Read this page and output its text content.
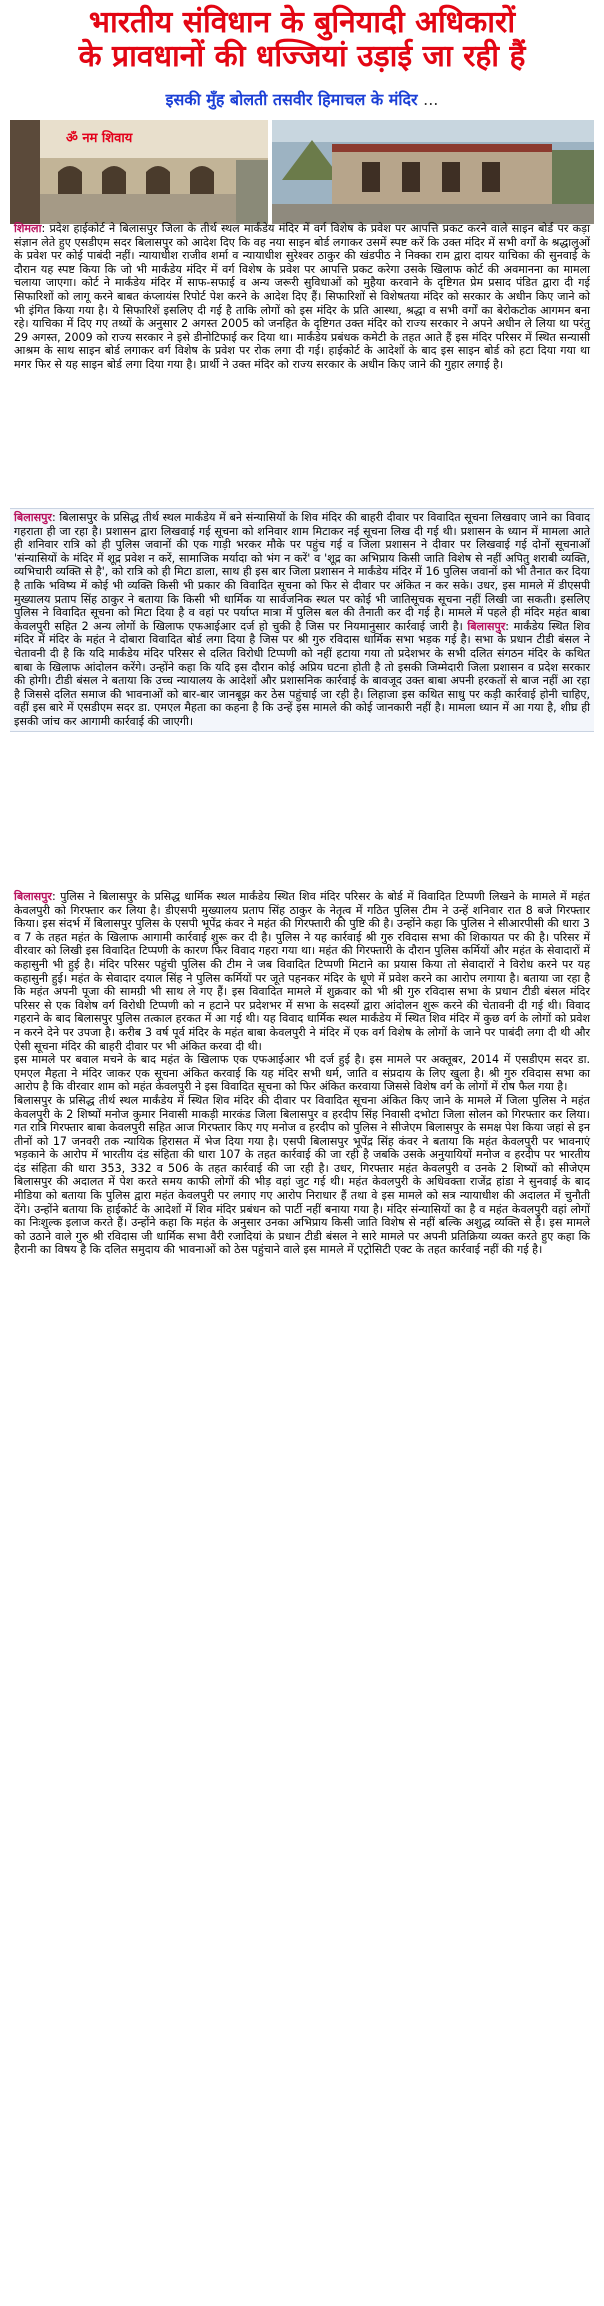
भारतीय संविधान के बुनियादी अधिकारों
के प्रावधानों की धज्जियां उड़ाई जा रही हैं
इसकी मुँह बोलती तसवीर हिमाचल के मंदिर ...
ॐ नम शिवाय

शिमला: प्रदेश हाईकोर्ट ने बिलासपुर जिला के तीर्थ स्थल मार्कंडेय मंदिर में वर्ग विशेष के प्रवेश पर आपत्ति प्रकट करने वाले साइन बोर्ड पर कड़ा संज्ञान लेते हुए एसडीएम सदर बिलासपुर को आदेश दिए कि वह नया साइन बोर्ड लगाकर उसमें स्पष्ट करें कि उक्त मंदिर में सभी वर्गों के श्रद्धालुओं के प्रवेश पर कोई पाबंदी नहीं। न्यायाधीश राजीव शर्मा व न्यायाधीश सुरेश्वर ठाकुर की खंडपीठ ने निक्का राम द्वारा दायर याचिका की सुनवाई के दौरान यह स्पष्ट किया कि जो भी मार्कंडेय मंदिर में वर्ग विशेष के प्रवेश पर आपत्ति प्रकट करेगा उसके खिलाफ कोर्ट की अवमानना का मामला चलाया जाएगा। कोर्ट ने मार्कंडेय मंदिर में साफ-सफाई व अन्य जरूरी सुविधाओं को मुहैया करवाने के दृष्टिगत प्रेम प्रसाद पंडित द्वारा दी गई सिफारिशों को लागू करने बाबत कंप्लायंस रिपोर्ट पेश करने के आदेश दिए हैं। सिफारिशों से विशेषतया मंदिर को सरकार के अधीन किए जाने को भी इंगित किया गया है। ये सिफारिशें इसलिए दी गई है ताकि लोगों को इस मंदिर के प्रति आस्था, श्रद्धा व सभी वर्गों का बेरोकटोक आगमन बना रहे। याचिका में दिए गए तथ्यों के अनुसार 2 अगस्त 2005 को जनहित के दृष्टिगत उक्त मंदिर को राज्य सरकार ने अपने अधीन ले लिया था परंतु 29 अगस्त, 2009 को राज्य सरकार ने इसे डीनोटिफाई कर दिया था। मार्कंडेय प्रबंधक कमेटी के तहत आते हैं इस मंदिर परिसर में स्थित सन्यासी आश्रम के साथ साइन बोर्ड लगाकर वर्ग विशेष के प्रवेश पर रोक लगा दी गई। हाईकोर्ट के आदेशों के बाद इस साइन बोर्ड को हटा दिया गया था मगर फिर से यह साइन बोर्ड लगा दिया गया है। प्रार्थी ने उक्त मंदिर को राज्य सरकार के अधीन किए जाने की गुहार लगाई है।

बिलासपुर: बिलासपुर के प्रसिद्ध तीर्थ स्थल मार्कंडेय में बने संन्यासियों के शिव मंदिर की बाहरी दीवार पर विवादित सूचना लिखवाए जाने का विवाद गहराता ही जा रहा है। प्रशासन द्वारा लिखवाई गई सूचना को शनिवार शाम मिटाकर नई सूचना लिख दी गई थी। प्रशासन के ध्यान में मामला आते ही शनिवार रात्रि को ही पुलिस जवानों की एक गाड़ी भरकर मौके पर पहुंच गई व जिला प्रशासन ने दीवार पर लिखवाई गई दोनों सूचनाओं 'संन्यासियों के मंदिर में शूद्र प्रवेश न करें, सामाजिक मर्यादा को भंग न करें' व 'शूद्र का अभिप्राय किसी जाति विशेष से नहीं अपितु शराबी व्यक्ति, व्यभिचारी व्यक्ति से है', को रात्रि को ही मिटा डाला, साथ ही इस बार जिला प्रशासन ने मार्कंडेय मंदिर में 16 पुलिस जवानों को भी तैनात कर दिया है ताकि भविष्य में कोई भी व्यक्ति किसी भी प्रकार की विवादित सूचना को फिर से दीवार पर अंकित न कर सके। उधर, इस मामले में डीएसपी मुख्यालय प्रताप सिंह ठाकुर ने बताया कि किसी भी धार्मिक या सार्वजनिक स्थल पर कोई भी जातिसूचक सूचना नहीं लिखी जा सकती। इसलिए पुलिस ने विवादित सूचना को मिटा दिया है व वहां पर पर्याप्त मात्रा में पुलिस बल की तैनाती कर दी गई है। मामले में पहले ही मंदिर महंत बाबा केवलपुरी सहित 2 अन्य लोगों के खिलाफ एफआईआर दर्ज हो चुकी है जिस पर नियमानुसार कार्रवाई जारी है। बिलासपुर: मार्कंडेय स्थित शिव मंदिर में मंदिर के महंत ने दोबारा विवादित बोर्ड लगा दिया है जिस पर श्री गुरु रविदास धार्मिक सभा भड़क गई है। सभा के प्रधान टीडी बंसल ने चेतावनी दी है कि यदि मार्कंडेय मंदिर परिसर से दलित विरोधी टिप्पणी को नहीं हटाया गया तो प्रदेशभर के सभी दलित संगठन मंदिर के कथित बाबा के खिलाफ आंदोलन करेंगे। उन्होंने कहा कि यदि इस दौरान कोई अप्रिय घटना होती है तो इसकी जिम्मेदारी जिला प्रशासन व प्रदेश सरकार की होगी। टीडी बंसल ने बताया कि उच्च न्यायालय के आदेशों और प्रशासनिक कार्रवाई के बावजूद उक्त बाबा अपनी हरकतों से बाज नहीं आ रहा है जिससे दलित समाज की भावनाओं को बार-बार जानबूझ कर ठेस पहुंचाई जा रही है। लिहाजा इस कथित साधु पर कड़ी कार्रवाई होनी चाहिए, वहीं इस बारे में एसडीएम सदर डा. एमएल मैहता का कहना है कि उन्हें इस मामले की कोई जानकारी नहीं है। मामला ध्यान में आ गया है, शीघ्र ही इसकी जांच कर आगामी कार्रवाई की जाएगी।

बिलासपुर: पुलिस ने बिलासपुर के प्रसिद्ध धार्मिक स्थल मार्कंडेय स्थित शिव मंदिर परिसर के बोर्ड में विवादित टिप्पणी लिखने के मामले में महंत केवलपुरी को गिरफ्तार कर लिया है। डीएसपी मुख्यालय प्रताप सिंह ठाकुर के नेतृत्व में गठित पुलिस टीम ने उन्हें शनिवार रात 8 बजे गिरफ्तार किया। इस संदर्भ में बिलासपुर पुलिस के एसपी भूपेंद्र कंवर ने महंत की गिरफ्तारी की पुष्टि की है। उन्होंने कहा कि पुलिस ने सीआरपीसी की धारा 3 व 7 के तहत महंत के खिलाफ आगामी कार्रवाई शुरू कर दी है। पुलिस ने यह कार्रवाई श्री गुरु रविदास सभा की शिकायत पर की है। परिसर में वीरवार को लिखी इस विवादित टिप्पणी के कारण फिर विवाद गहरा गया था। महंत की गिरफ्तारी के दौरान पुलिस कर्मियों और महंत के सेवादारों में कहासुनी भी हुई है। मंदिर परिसर पहुंची पुलिस की टीम ने जब विवादित टिप्पणी मिटाने का प्रयास किया तो सेवादारों ने विरोध करने पर यह कहासुनी हुई। महंत के सेवादार दयाल सिंह ने पुलिस कर्मियों पर जूते पहनकर मंदिर के धूणे में प्रवेश करने का आरोप लगाया है। बताया जा रहा है कि महंत अपनी पूजा की सामग्री भी साथ ले गए हैं। इस विवादित मामले में शुक्रवार को भी श्री गुरु रविदास सभा के प्रधान टीडी बंसल मंदिर परिसर से एक विशेष वर्ग विरोधी टिप्पणी को न हटाने पर प्रदेशभर में सभा के सदस्यों द्वारा आंदोलन शुरू करने की चेतावनी दी गई थी। विवाद गहराने के बाद बिलासपुर पुलिस तत्काल हरकत में आ गई थी। यह विवाद धार्मिक स्थल मार्कंडेय में स्थित शिव मंदिर में कुछ वर्ग के लोगों को प्रवेश न करने देने पर उपजा है। करीब 3 वर्ष पूर्व मंदिर के महंत बाबा केवलपुरी ने मंदिर में एक वर्ग विशेष के लोगों के जाने पर पाबंदी लगा दी थी और ऐसी सूचना मंदिर की बाहरी दीवार पर भी अंकित करवा दी थी।
इस मामले पर बवाल मचने के बाद महंत के खिलाफ एक एफआईआर भी दर्ज हुई है। इस मामले पर अक्तूबर, 2014 में एसडीएम सदर डा. एमएल मैहता ने मंदिर जाकर एक सूचना अंकित करवाई कि यह मंदिर सभी धर्म, जाति व संप्रदाय के लिए खुला है। श्री गुरु रविदास सभा का आरोप है कि वीरवार शाम को महंत केवलपुरी ने इस विवादित सूचना को फिर अंकित करवाया जिससे विशेष वर्ग के लोगों में रोष फैल गया है।
बिलासपुर के प्रसिद्ध तीर्थ स्थल मार्कंडेय में स्थित शिव मंदिर की दीवार पर विवादित सूचना अंकित किए जाने के मामले में जिला पुलिस ने महंत केवलपुरी के 2 शिष्यों मनोज कुमार निवासी माकड़ी मारकंड जिला बिलासपुर व हरदीप सिंह निवासी दभोटा जिला सोलन को गिरफ्तार कर लिया। गत रात्रि गिरफ्तार बाबा केवलपुरी सहित आज गिरफ्तार किए गए मनोज व हरदीप को पुलिस ने सीजेएम बिलासपुर के समक्ष पेश किया जहां से इन तीनों को 17 जनवरी तक न्यायिक हिरासत में भेज दिया गया है। एसपी बिलासपुर भूपेंद्र सिंह कंवर ने बताया कि महंत केवलपुरी पर भावनाएं भड़काने के आरोप में भारतीय दंड संहिता की धारा 107 के तहत कार्रवाई की जा रही है जबकि उसके अनुयायियों मनोज व हरदीप पर भारतीय दंड संहिता की धारा 353, 332 व 506 के तहत कार्रवाई की जा रही है। उधर, गिरफ्तार महंत केवलपुरी व उनके 2 शिष्यों को सीजेएम बिलासपुर की अदालत में पेश करते समय काफी लोगों की भीड़ वहां जुट गई थी। महंत केवलपुरी के अधिवक्ता राजेंद्र हांडा ने सुनवाई के बाद मीडिया को बताया कि पुलिस द्वारा महंत केवलपुरी पर लगाए गए आरोप निराधार हैं तथा वे इस मामले को सत्र न्यायाधीश की अदालत में चुनौती देंगे। उन्होंने बताया कि हाईकोर्ट के आदेशों में शिव मंदिर प्रबंधन को पार्टी नहीं बनाया गया है। मंदिर संन्यासियों का है व महंत केवलपुरी वहां लोगों का निःशुल्क इलाज करते हैं। उन्होंने कहा कि महंत के अनुसार उनका अभिप्राय किसी जाति विशेष से नहीं बल्कि अशुद्ध व्यक्ति से है। इस मामले को उठाने वाले गुरु श्री रविदास जी धार्मिक सभा वैरी रजादियां के प्रधान टीडी बंसल ने सारे मामले पर अपनी प्रतिक्रिया व्यक्त करते हुए कहा कि हैरानी का विषय है कि दलित समुदाय की भावनाओं को ठेस पहुंचाने वाले इस मामले में एट्रोसिटी एक्ट के तहत कार्रवाई नहीं की गई है।
